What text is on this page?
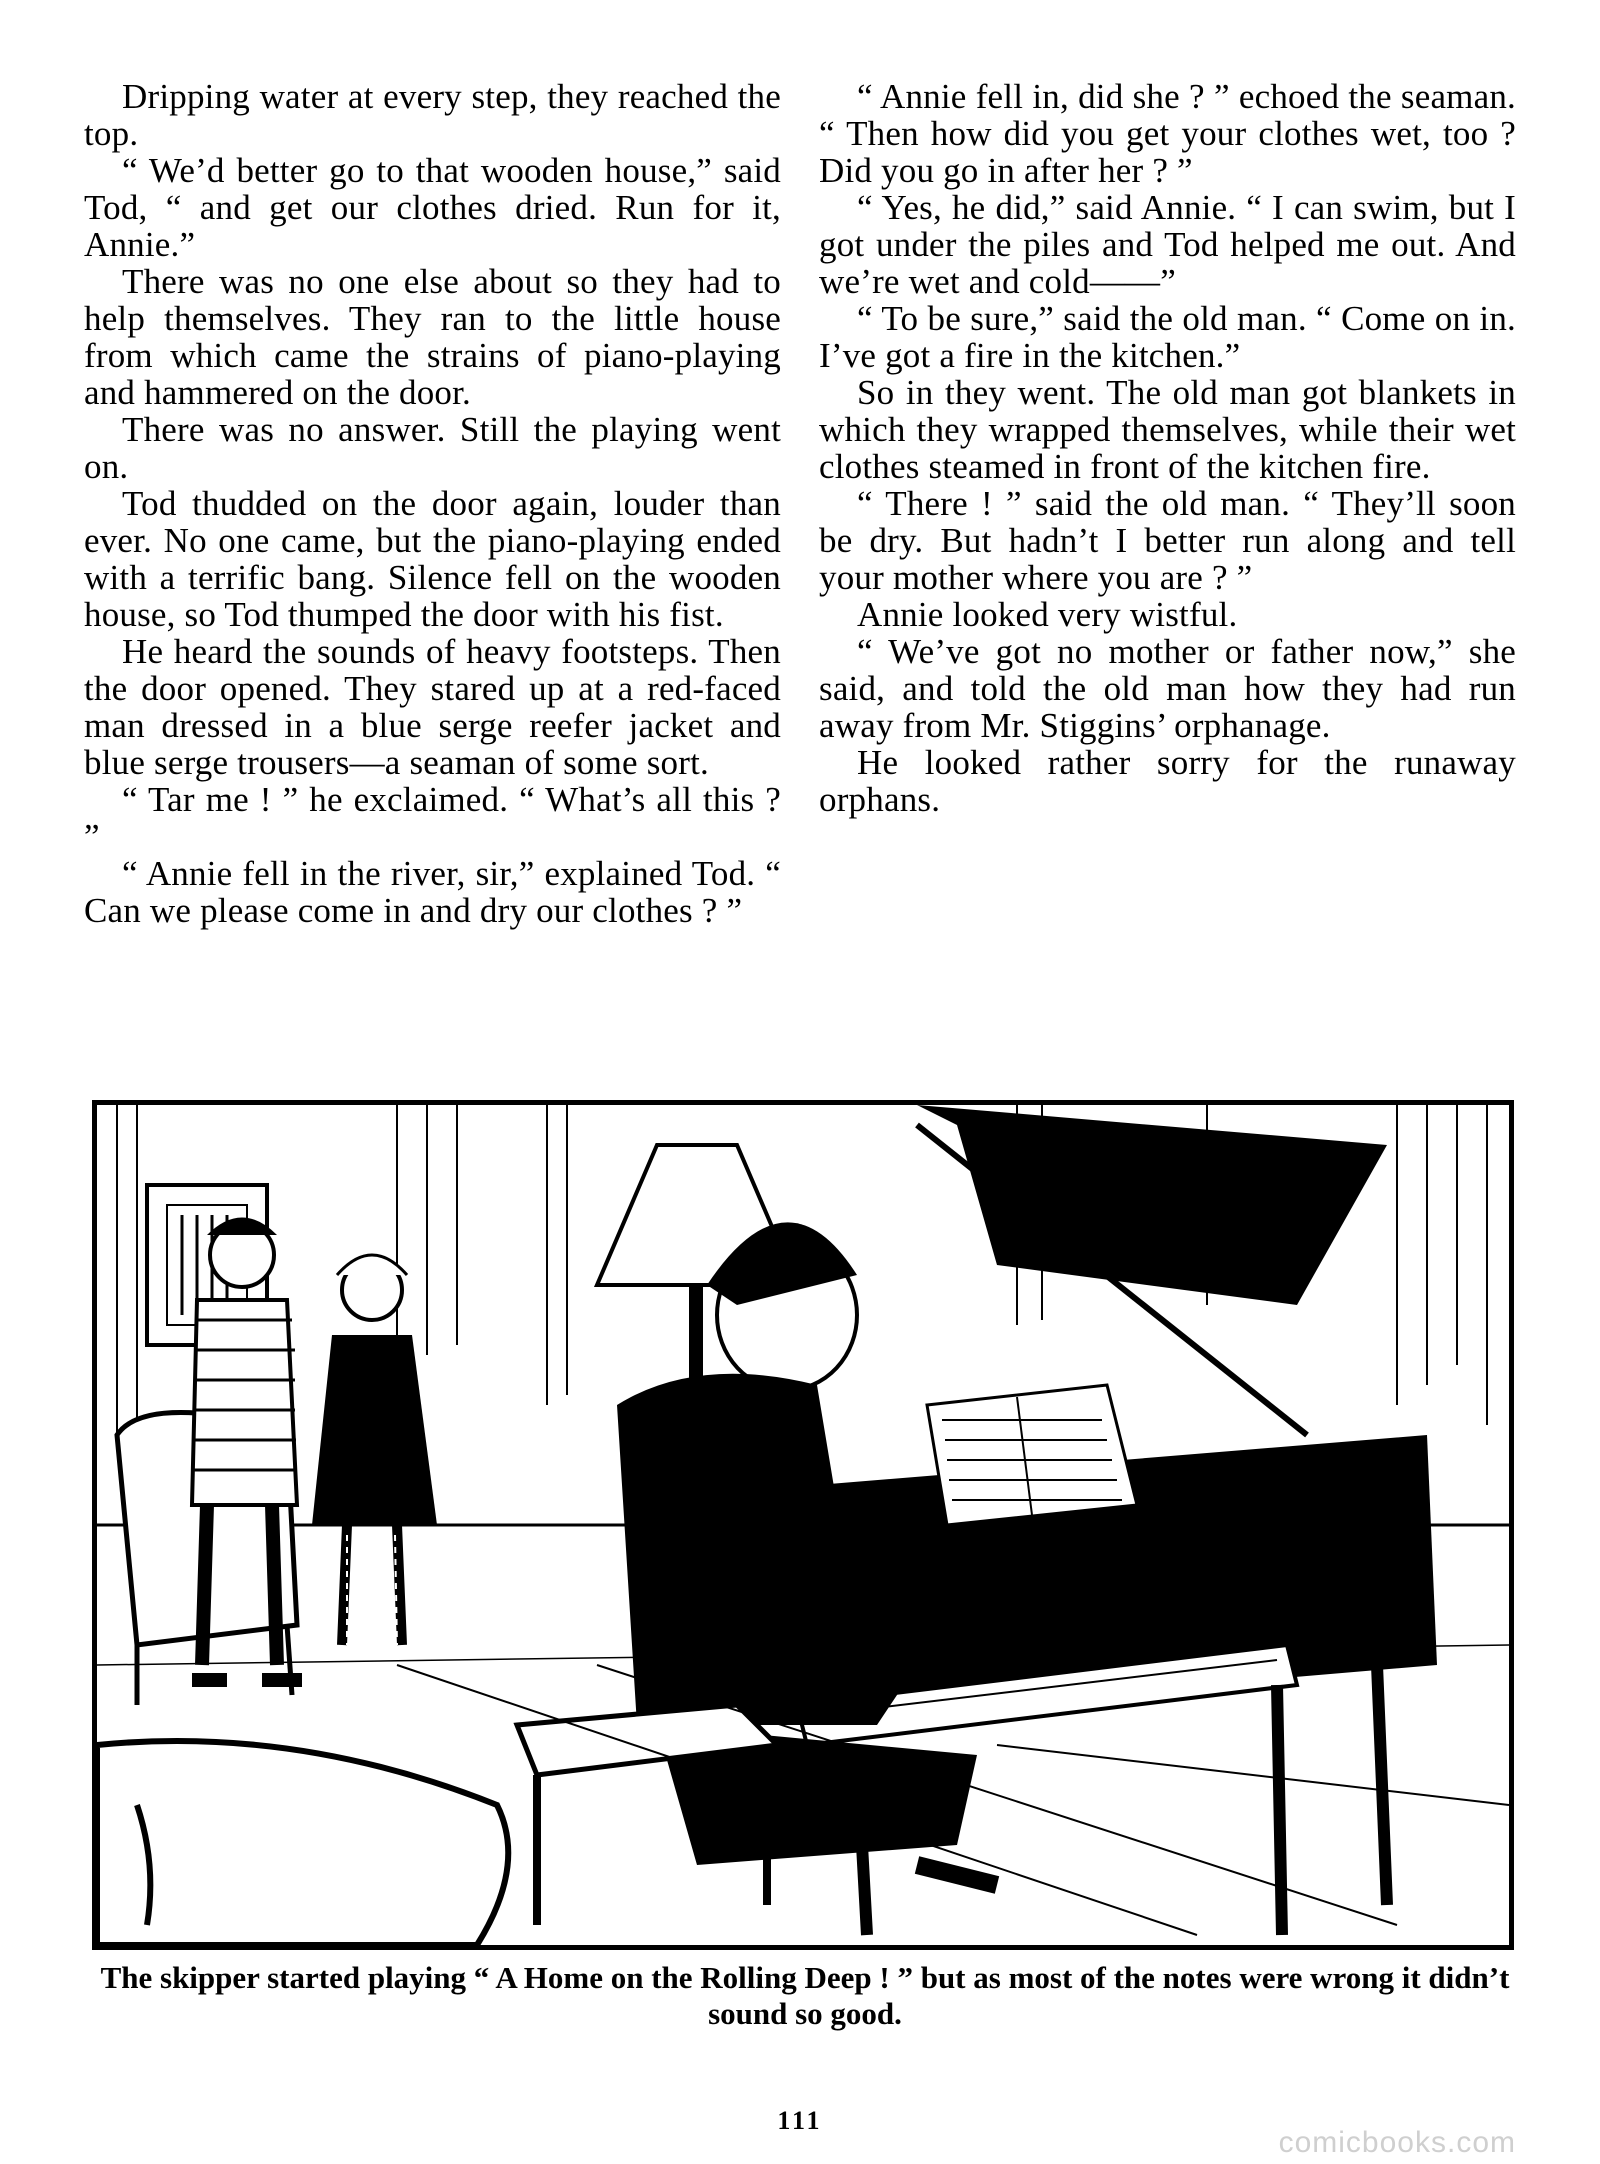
Dripping water at every step, they reached the top.

“ We’d better go to that wooden house,” said Tod, “ and get our clothes dried. Run for it, Annie.”

There was no one else about so they had to help themselves. They ran to the little house from which came the strains of piano-playing and hammered on the door.

There was no answer. Still the playing went on.

Tod thudded on the door again, louder than ever. No one came, but the piano-playing ended with a terrific bang. Silence fell on the wooden house, so Tod thumped the door with his fist.

He heard the sounds of heavy footsteps. Then the door opened. They stared up at a red-faced man dressed in a blue serge reefer jacket and blue serge trousers—a seaman of some sort.

“ Tar me ! ” he exclaimed. “ What’s all this ? ”

“ Annie fell in the river, sir,” explained Tod. “ Can we please come in and dry our clothes ? ”

“ Annie fell in, did she ? ” echoed the seaman. “ Then how did you get your clothes wet, too ? Did you go in after her ? ”

“ Yes, he did,” said Annie. “ I can swim, but I got under the piles and Tod helped me out. And we’re wet and cold——”

“ To be sure,” said the old man. “ Come on in. I’ve got a fire in the kitchen.”

So in they went. The old man got blankets in which they wrapped themselves, while their wet clothes steamed in front of the kitchen fire.

“ There ! ” said the old man. “ They’ll soon be dry. But hadn’t I better run along and tell your mother where you are ? ”

Annie looked very wistful.

“ We’ve got no mother or father now,” she said, and told the old man how they had run away from Mr. Stiggins’ orphanage.

He looked rather sorry for the runaway orphans.

The skipper started playing “ A Home on the Rolling Deep ! ” but as most of the notes were wrong it didn’t sound so good.
111
comicbooks.com
